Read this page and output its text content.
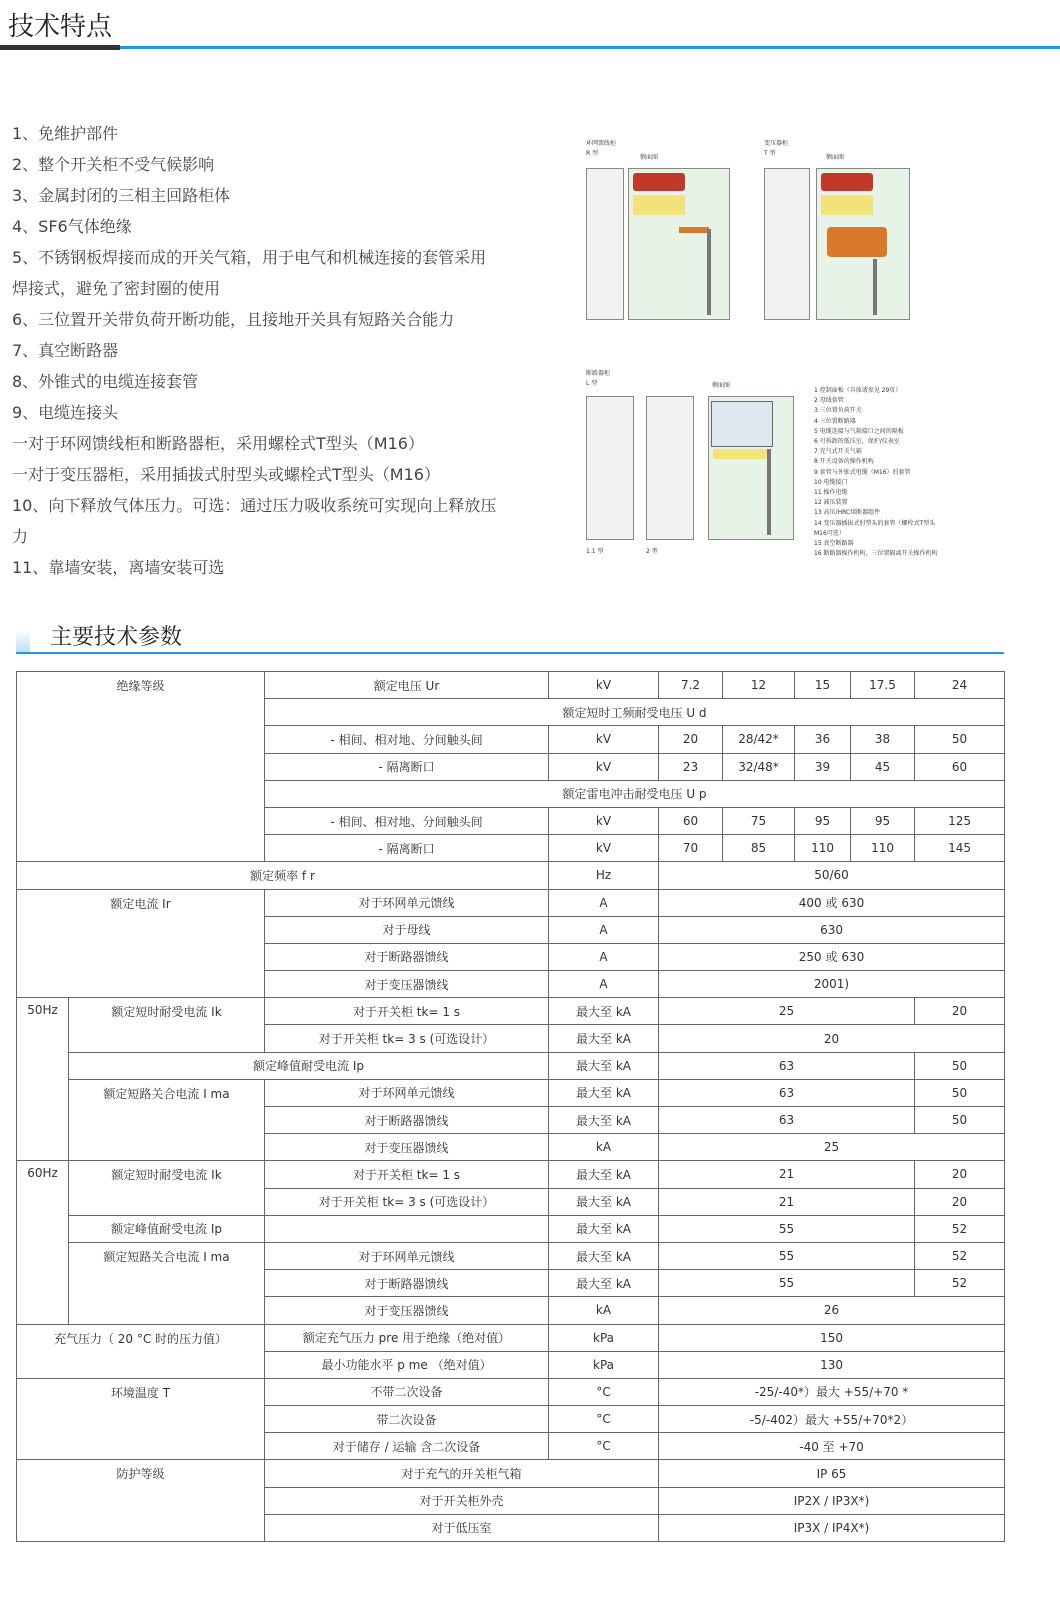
技术特点
1、免维护部件
2、整个开关柜不受气候影响
3、金属封闭的三相主回路柜体
4、SF6气体绝缘
5、不锈钢板焊接而成的开关气箱，用于电气和机械连接的套管采用焊接式，避免了密封圈的使用
6、三位置开关带负荷开断功能，且接地开关具有短路关合能力
7、真空断路器
8、外锥式的电缆连接套管
9、电缆连接头
一对于环网馈线柜和断路器柜，采用螺栓式T型头（M16）
一对于变压器柜，采用插拔式肘型头或螺栓式T型头（M16）
10、向下释放气体压力。可选：通过压力吸收系统可实现向上释放压力
11、靠墙安装，离墙安装可选
环网馈线柜
R 型
侧面图
变压器柜
T 型
侧面图
断路器柜
L 型	侧面图
1.1 型	2 型
1 控制面板（具体请参见 29页）
2 母线套管
3 三位置负荷开关
4 三位置断路器
5 电缆连接与气箱接口之间的隔板
6 可拆卸的低压室，保护/仪表室
7 充气式开关气箱
8 开关设备的操作机构
9 套管与外锥式电缆（M16）的套管
10 电缆接门
11 操作电缆
12 减压装置
13 高压/HRC熔断器组件
14 变压器插拔式肘型头的套管（螺栓式T型头 M16可选）
15 真空断路器
16 断路器操作机构，三位置隔离开关操作机构
主要技术参数
绝缘等级		额定电压 Ur	kV	7.2	12	15	17.5	24
		额定短时工频耐受电压 U d						
		- 相间、相对地、分间触头间	kV	20	28/42*	36	38	50
		- 隔离断口	kV	23	32/48*	39	45	60
		额定雷电冲击耐受电压 U p						
		- 相间、相对地、分间触头间	kV	60	75	95	95	125
		- 隔离断口	kV	70	85	110	110	145
额定频率 f r			Hz	50/60				
额定电流 Ir		对于环网单元馈线	A	400 或 630				
		对于母线	A	630				
		对于断路器馈线	A	250 或 630				
		对于变压器馈线	A	2001)				
50Hz	额定短时耐受电流 Ik	对于开关柜 tk= 1 s	最大至 kA	25				20
		对于开关柜 tk= 3 s (可选设计）	最大至 kA	20				
	额定峰值耐受电流 Ip		最大至 kA	63				50
	额定短路关合电流 I ma	对于环网单元馈线	最大至 kA	63				50
		对于断路器馈线	最大至 kA	63				50
		对于变压器馈线	kA	25				
60Hz	额定短时耐受电流 Ik	对于开关柜 tk= 1 s	最大至 kA	21				20
		对于开关柜 tk= 3 s (可选设计）	最大至 kA	21				20
	额定峰值耐受电流 Ip		最大至 kA	55				52
	额定短路关合电流 I ma	对于环网单元馈线	最大至 kA	55				52
		对于断路器馈线	最大至 kA	55				52
		对于变压器馈线	kA	26				
充气压力（ 20 °C 时的压力值）		额定充气压力 pre 用于绝缘（绝对值）	kPa	150				
		最小功能水平 p me （绝对值）	kPa	130				
环境温度 T		不带二次设备	°C	-25/-40*）最大 +55/+70 *				
		带二次设备	°C	-5/-402）最大 +55/+70*2）				
		对于储存 / 运输 含二次设备	°C	-40 至 +70				
防护等级		对于充气的开关柜气箱		IP 65				
		对于开关柜外壳		IP2X / IP3X*)				
		对于低压室		IP3X / IP4X*)				
